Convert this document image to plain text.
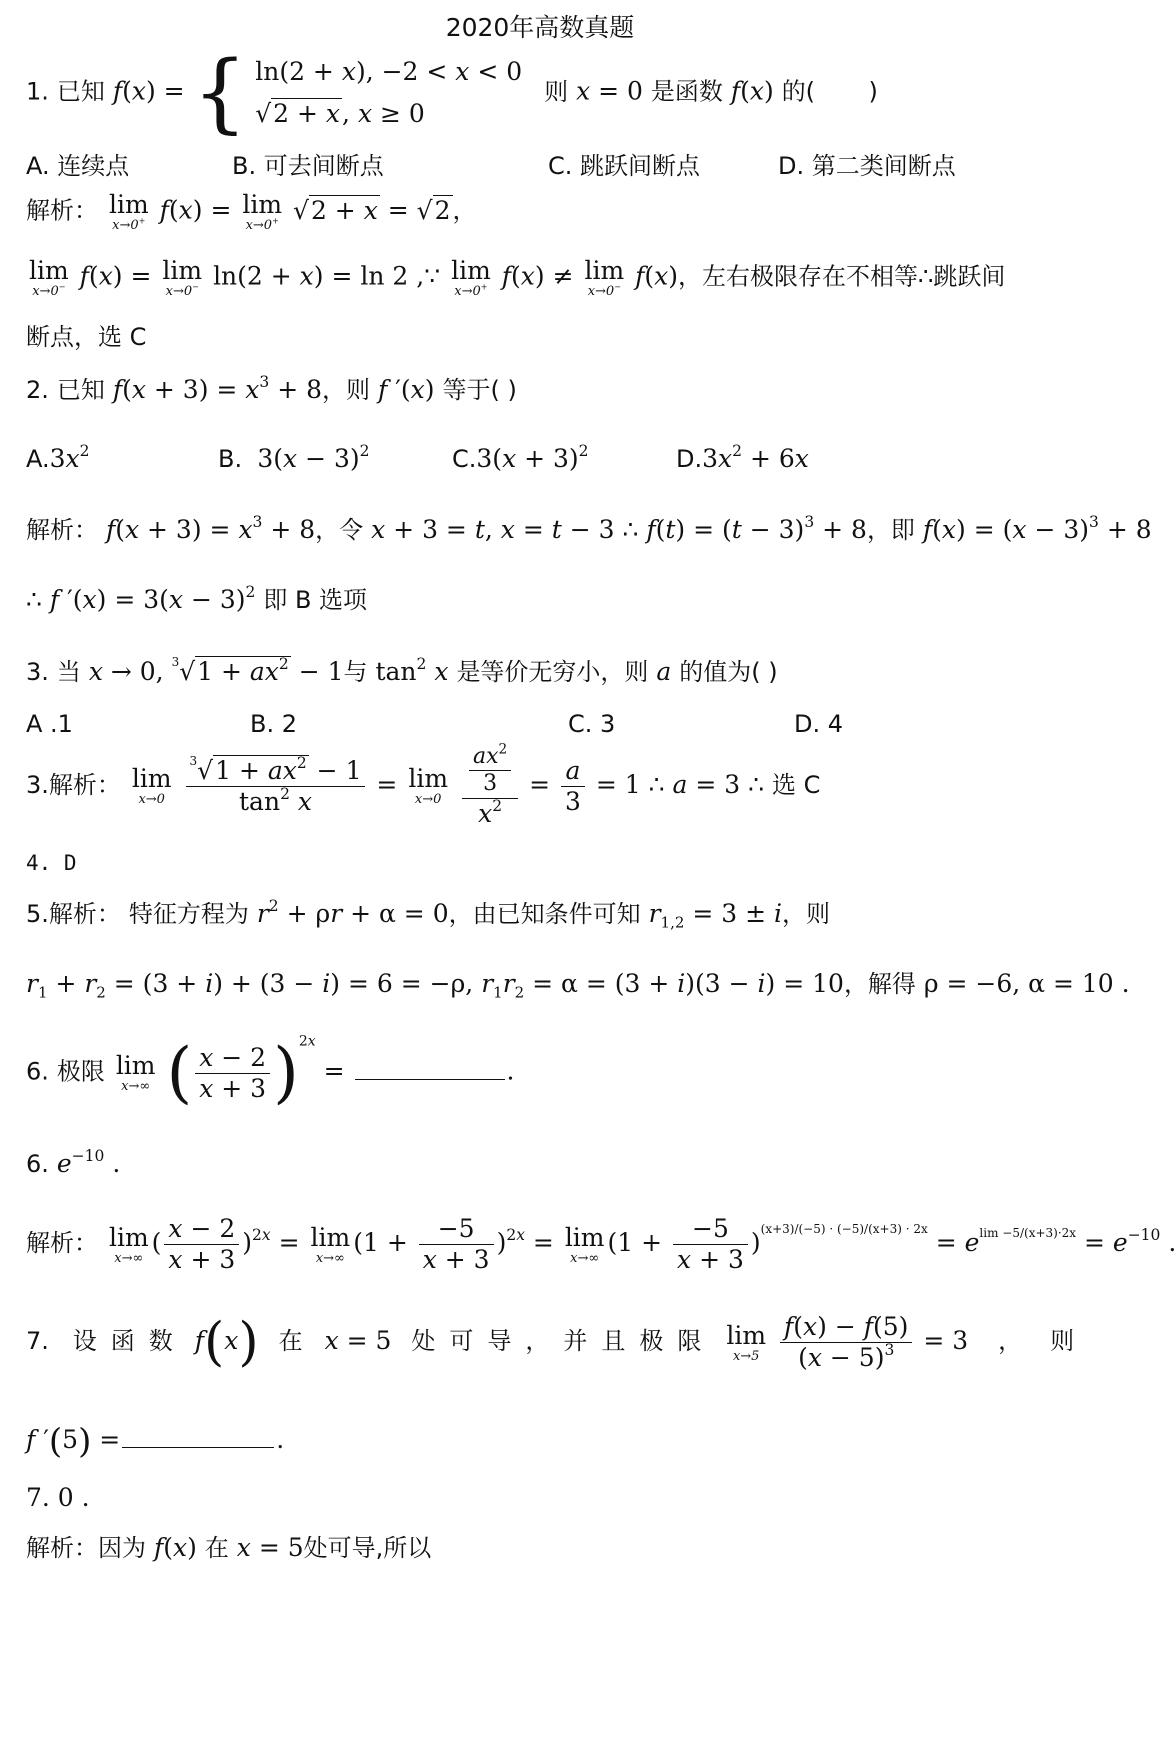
2020年高数真题
1. 已知 f(x) = { ln(2 + x), −2 < x < 0
√2 + x, x ≥ 0
则 x = 0 是函数 f(x) 的(       )
A. 连续点	B. 可去间断点	C. 跳跃间断点	D. 第二类间断点
解析： lim
x→0+ f(x) = lim
x→0+ √2 + x = √2，
lim
x→0− f(x) = lim
x→0− ln(2 + x) = ln 2 ,∵ lim
x→0+ f(x) ≠ lim
x→0− f(x)，左右极限存在不相等∴跳跃间
断点，选 C
2. 已知 $f(x + 3) = x^3 + 8$，则 f ′(x) 等于( )
$A.3x^2$	B. $3(x - 3)^2$	$C.3(x + 3)^2$	$D.3x^2 + 6x$
解析： $f(x + 3) = x^3 + 8$，令 x + 3 = t, x = t − 3 ∴ $f(t) = (t - 3)^3 + 8$，即 $f(x) = (x - 3)^3 + 8$
∴ f $'(x) = 3(x - 3)^2$ 即 B 选项
3. 当 x → 0, $^3√1 + ax^2 - 1$与 $\tan^2 x$ 是等价无穷小，则 a 的值为( )
A .1	B. 2	C. 3	D. 4
3.解析： lim
x→0
	$\frac{^3√1 + ax^2 - 1}{\tan^2 x} = \lim$
x→0
$\frac{\frac{ax^2}{3}}{x^2} = \frac{a}{3} = 1$ ∴ a = 3 ∴ 选 C
4. D
5.解析： 特征方程为 $r^2 + \rho r + \alpha = 0$，由已知条件可知 $r_{1,2} = 3 \pm i$，则
$r_1 + r_2 = (3 + i) + (3 - i) = 6 = -\rho$, $r_1r_2 = \alpha = (3 + i)(3 - i) = 10$，解得 ρ = −6, α = 10 .
6. 极限 lim
x→∞ ( $\frac{x - 2}{x + 3} )^{2x}$ =	.
6. $e^{-10}$ .
解析： lim
x→∞
( $\frac{x - 2}{x + 3} )^{2x} = \lim$
x→∞
$(1 + \frac{-5}{x + 3} )^{2x} = \lim$
x→∞
$(1 + \frac{-5}{x + 3} )^{(x+3)/(-5) \cdot (-5)/(x+3) \cdot 2x} = e^{lim -5/(x+3)\cdot 2x} = e^{-10}$ .
7. 设函数 f(x) 在 x = 5 处可导，并且极限 lim
x→5
$\frac{f(x) - f(5)}{(x - 5)^3} = 3$ ， 则
f ′(5) =	.
7. 0 .
解析：因为 f(x) 在 x = 5处可导,所以
